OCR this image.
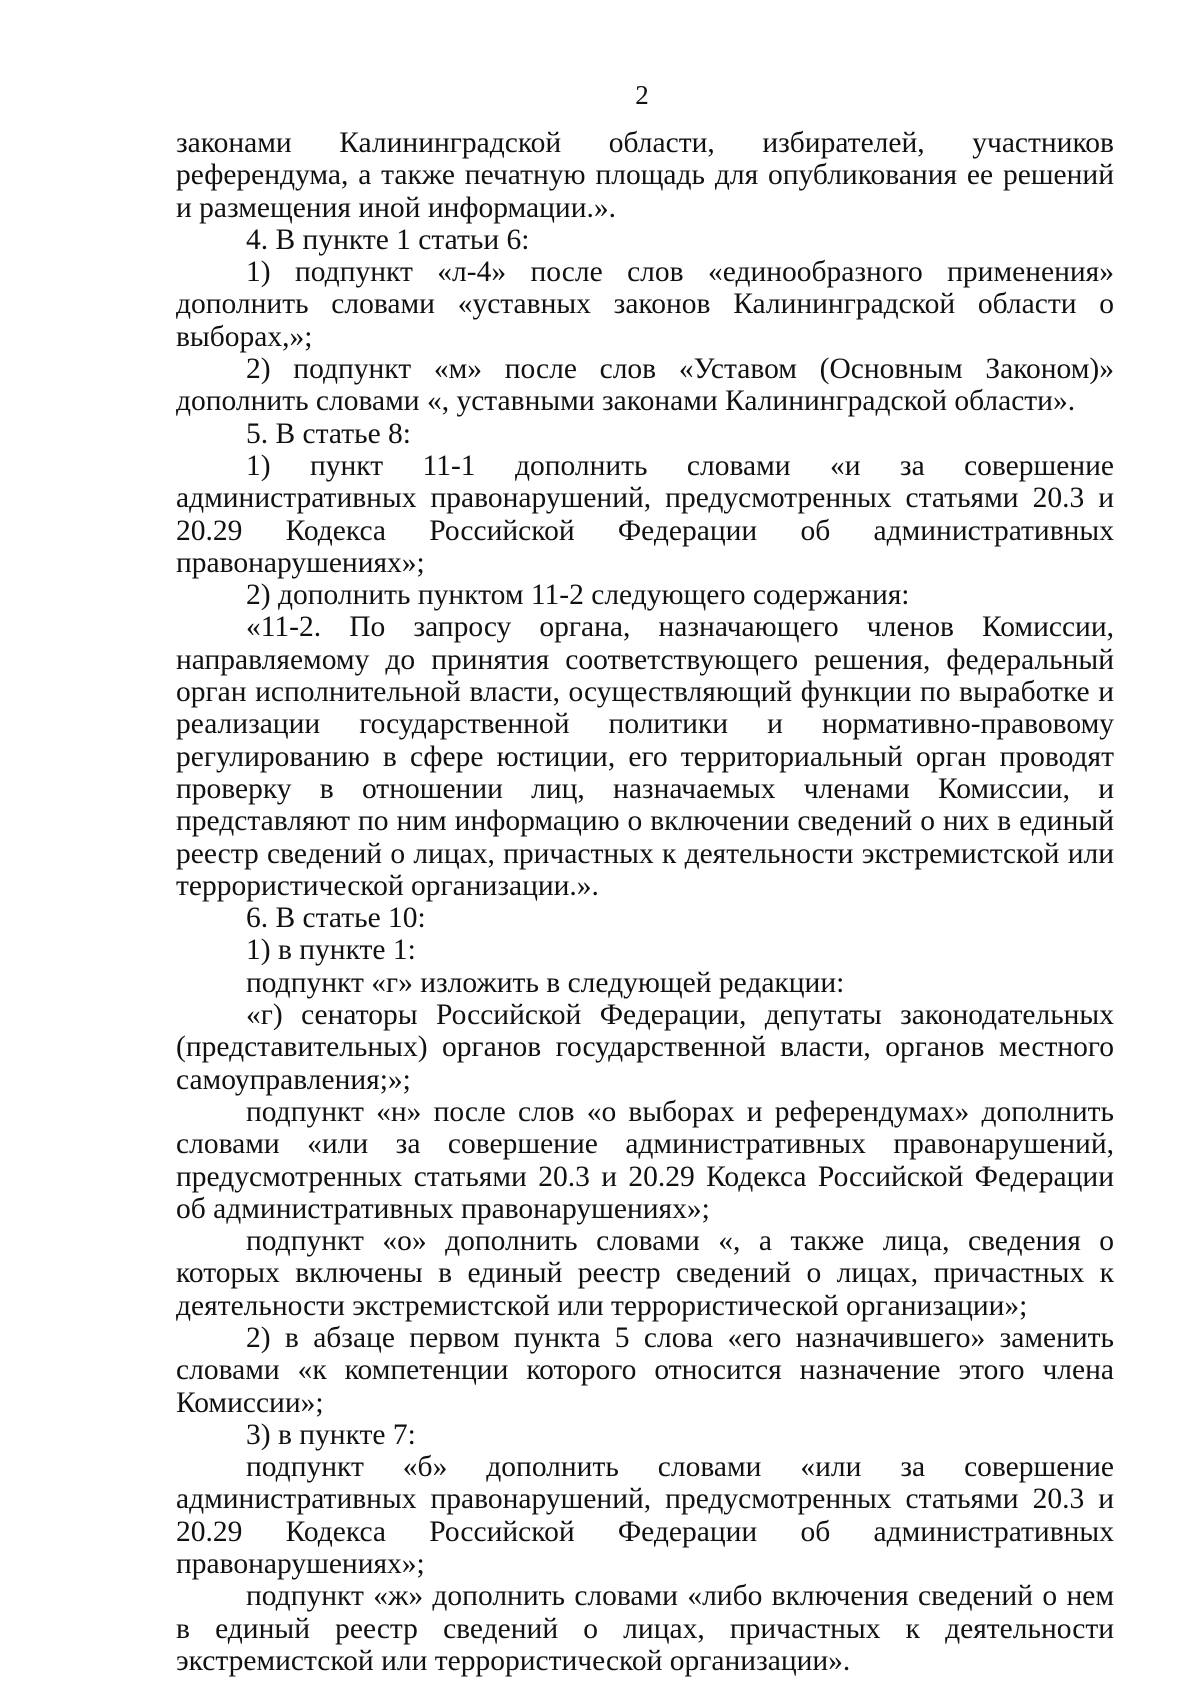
2

законами Калининградской области, избирателей, участников референдума, а также печатную площадь для опубликования ее решений и размещения иной информации.».

4. В пункте 1 статьи 6:

1) подпункт «л-4» после слов «единообразного применения» дополнить словами «уставных законов Калининградской области о выборах,»;

2) подпункт «м» после слов «Уставом (Основным Законом)» дополнить словами «, уставными законами Калининградской области».

5. В статье 8:

1) пункт 11-1 дополнить словами «и за совершение административных правонарушений, предусмотренных статьями 20.3 и 20.29 Кодекса Российской Федерации об административных правонарушениях»;

2) дополнить пунктом 11-2 следующего содержания:

«11-2. По запросу органа, назначающего членов Комиссии, направляемому до принятия соответствующего решения, федеральный орган исполнительной власти, осуществляющий функции по выработке и реализации государственной политики и нормативно-правовому регулированию в сфере юстиции, его территориальный орган проводят проверку в отношении лиц, назначаемых членами Комиссии, и представляют по ним информацию о включении сведений о них в единый реестр сведений о лицах, причастных к деятельности экстремистской или террористической организации.».

6. В статье 10:

1) в пункте 1:

подпункт «г» изложить в следующей редакции:

«г) сенаторы Российской Федерации, депутаты законодательных (представительных) органов государственной власти, органов местного самоуправления;»;

подпункт «н» после слов «о выборах и референдумах» дополнить словами «или за совершение административных правонарушений, предусмотренных статьями 20.3 и 20.29 Кодекса Российской Федерации об административных правонарушениях»;

подпункт «о» дополнить словами «, а также лица, сведения о которых включены в единый реестр сведений о лицах, причастных к деятельности экстремистской или террористической организации»;

2) в абзаце первом пункта 5 слова «его назначившего» заменить словами «к компетенции которого относится назначение этого члена Комиссии»;

3) в пункте 7:

подпункт «б» дополнить словами «или за совершение административных правонарушений, предусмотренных статьями 20.3 и 20.29 Кодекса Российской Федерации об административных правонарушениях»;

подпункт «ж» дополнить словами «либо включения сведений о нем в единый реестр сведений о лицах, причастных к деятельности экстремистской или террористической организации».
